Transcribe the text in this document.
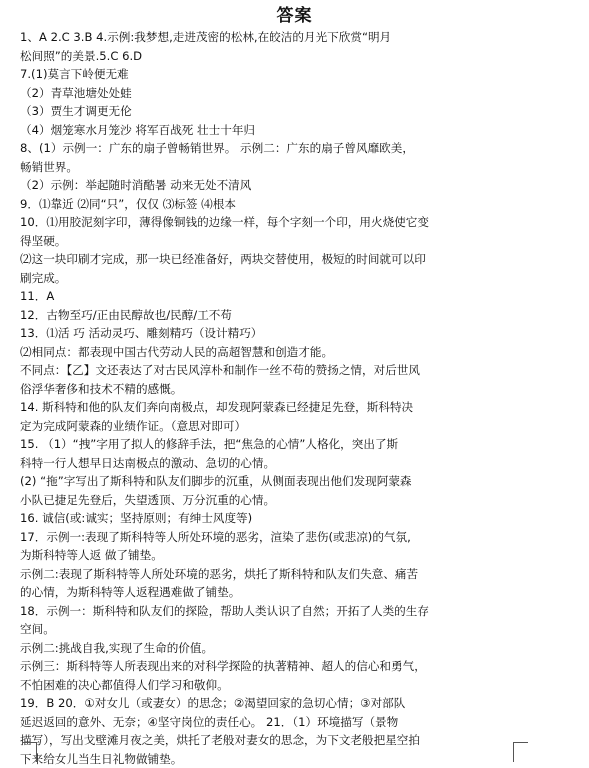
答案

1、A 2.C 3.B 4.示例:我梦想,走进茂密的松林,在皎洁的月光下欣赏“明月

松间照”的美景.5.C 6.D

7.(1)莫言下岭便无难

（2）青草池塘处处蛙

（3）贾生才调更无伦

（4）烟笼寒水月笼沙 将军百战死 壮士十年归

8、(1）示例一：广东的扇子曾畅销世界。 示例二：广东的扇子曾风靡欧美，

畅销世界。

（2）示例：举起随时消酷暑 动来无处不清风

9．⑴靠近 ⑵同“只”，仅仅 ⑶标签 ⑷根本

10．⑴用胶泥刻字印，薄得像铜钱的边缘一样，每个字刻一个印，用火烧使它变

得坚硬。

⑵这一块印刷才完成，那一块已经准备好，两块交替使用，极短的时间就可以印

刷完成。

11．A

12．古物至巧/正由民醇故也/民醇/工不苟

13．⑴活 巧 活动灵巧、雕刻精巧（设计精巧）

⑵相同点：都表现中国古代劳动人民的高超智慧和创造才能。

不同点：【乙】文还表达了对古民风淳朴和制作一丝不苟的赞扬之情，对后世风

俗浮华奢侈和技术不精的感慨。

14. 斯科特和他的队友们奔向南极点，却发现阿蒙森已经捷足先登，斯科特决

定为完成阿蒙森的业绩作证。（意思对即可）

15. （1）“拽”字用了拟人的修辞手法，把“焦急的心情”人格化，突出了斯

科特一行人想早日达南极点的激动、急切的心情。

(2) “拖”字写出了斯科特和队友们脚步的沉重，从侧面表现出他们发现阿蒙森

小队已捷足先登后，失望透顶、万分沉重的心情。

16. 诚信(或:诚实；坚持原则；有绅士风度等)

17．示例一:表现了斯科特等人所处环境的恶劣，渲染了悲伤(或悲凉)的气氛,

为斯科特等人返 做了铺垫。

示例二:表现了斯科特等人所处环境的恶劣，烘托了斯科特和队友们失意、痛苦

的心情，为斯科特等人返程遇难做了铺垫。

18．示例一：斯科特和队友们的探险，帮助人类认识了自然；开拓了人类的生存

空间。

示例二:挑战自我,实现了生命的价值。

示例三：斯科特等人所表现出来的对科学探险的执著精神、超人的信心和勇气，

不怕困难的决心都值得人们学习和敬仰。

19．B 20．①对女儿（或妻女）的思念；②渴望回家的急切心情；③对部队

延迟返回的意外、无奈；④坚守岗位的责任心。 21．（1）环境描写（景物

描写），写出戈壁滩月夜之美，烘托了老般对妻女的思念，为下文老般把星空拍

下来给女儿当生日礼物做铺垫。
